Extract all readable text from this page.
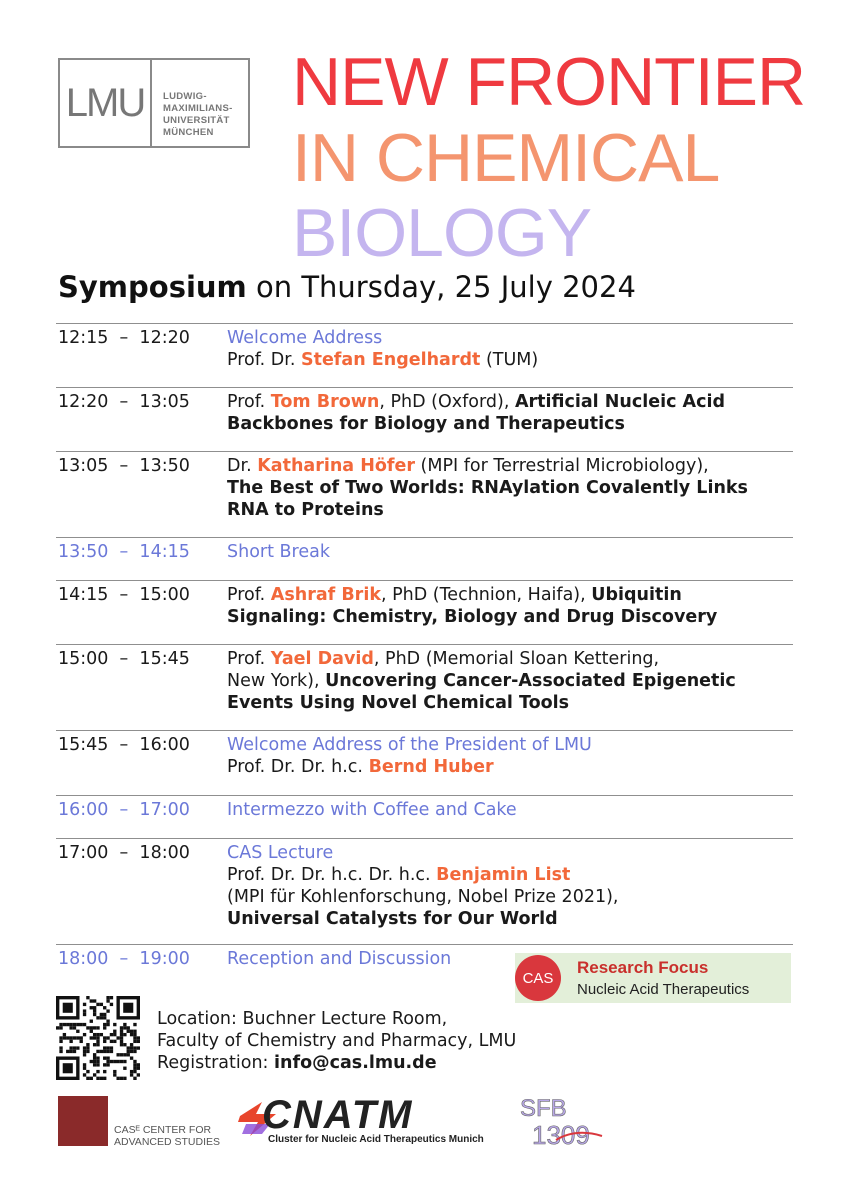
LMU	LUDWIG-
MAXIMILIANS-
UNIVERSITÄT
MÜNCHEN
NEW FRONTIER
IN CHEMICAL
BIOLOGY
Symposium on Thursday, 25 July 2024
12:15  –  12:20 Welcome Address
Prof. Dr. Stefan Engelhardt (TUM)
12:20  –  13:05 Prof. Tom Brown, PhD (Oxford), Artificial Nucleic Acid
Backbones for Biology and Therapeutics
13:05  –  13:50 Dr. Katharina Höfer (MPI for Terrestrial Microbiology),
The Best of Two Worlds: RNAylation Covalently Links
RNA to Proteins
13:50  –  14:15 Short Break
14:15  –  15:00 Prof. Ashraf Brik, PhD (Technion, Haifa), Ubiquitin
Signaling: Chemistry, Biology and Drug Discovery
15:00  –  15:45 Prof. Yael David, PhD (Memorial Sloan Kettering,
New York), Uncovering Cancer-Associated Epigenetic
Events Using Novel Chemical Tools
15:45  –  16:00 Welcome Address of the President of LMU
Prof. Dr. Dr. h.c. Bernd Huber
16:00  –  17:00 Intermezzo with Coffee and Cake
17:00  –  18:00 CAS Lecture
Prof. Dr. Dr. h.c. Dr. h.c. Benjamin List
(MPI für Kohlenforschung, Nobel Prize 2021),
Universal Catalysts for Our World
18:00  –  19:00 Reception and Discussion
CAS
Research Focus
Nucleic Acid Therapeutics
Location: Buchner Lecture Room,
Faculty of Chemistry and Pharmacy, LMU
Registration: info@cas.lmu.de
CASᴱ CENTER FOR
ADVANCED STUDIES
CNATM
Cluster for Nucleic Acid Therapeutics Munich
SFB
1309
